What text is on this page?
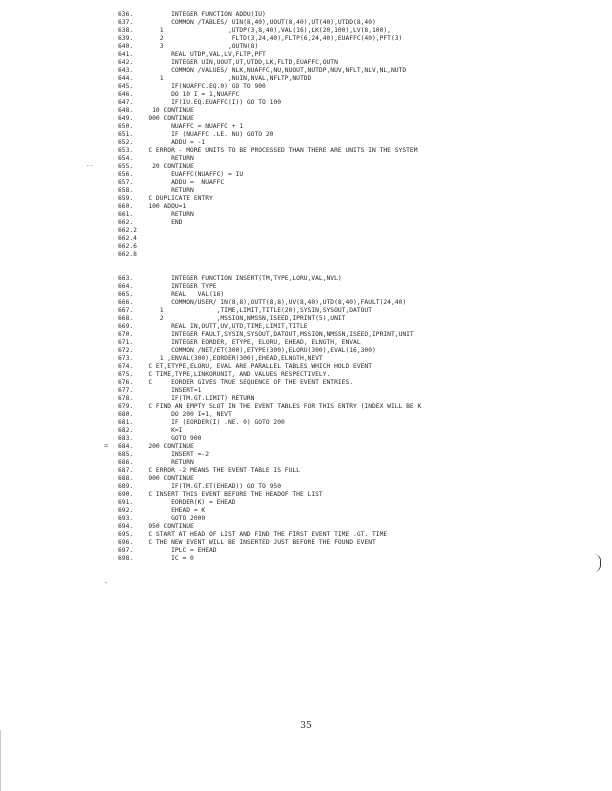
636.          INTEGER FUNCTION ADDU(IU)
637.          COMMON /TABLES/ UIN(8,40),UOUT(8,40),UT(40),UTDD(8,40)
638.       1                 ,UTDP(3,8,40),VAL(16),LK(20,100),LV(8,100),
639.       2                  FLTD(3,24,40),FLTP(6,24,40),EUAFFC(40),PFT(3)
640.       3                 ,OUTN(8)
641.          REAL UTDP,VAL,LV,FLTP,PFT
642.          INTEGER UIN,UOUT,UT,UTDD,LK,FLTD,EUAFFC,OUTN
643.          COMMON /VALUES/ NLK,NUAFFC,NU,NUOUT,NUTDP,NUV,NFLT,NLV,NL,NUTD
644.       1                 ,NUIN,NVAL,NFLTP,NUTDD
645.          IF(NUAFFC.EQ.0) GO TO 900
646.          DO 10 I = 1,NUAFFC
647.          IF(IU.EQ.EUAFFC(I)) GO TO 100
648.     10 CONTINUE
649.    900 CONTINUE
650.          NUAFFC = NUAFFC + 1
651.          IF (NUAFFC .LE. NU) GOTO 20
652.          ADDU = -1
653.    C ERROR - MORE UNITS TO BE PROCESSED THAN THERE ARE UNITS IN THE SYSTEM
654.          RETURN
655.     20 CONTINUE
656.          EUAFFC(NUAFFC) = IU
657.          ADDU =  NUAFFC
658.          RETURN
659.    C DUPLICATE ENTRY
660.    100 ADDU=1
661.          RETURN
662.          END
662.2
662.4
662.6
662.8
663.          INTEGER FUNCTION INSERT(TM,TYPE,LORU,VAL,NVL)
664.          INTEGER TYPE
665.          REAL   VAL(16)
666.          COMMON/USER/ IN(8,8),OUTT(8,8),UV(8,40),UTD(8,40),FAULT(24,40)
667.       1              ,TIME,LIMIT,TITLE(20),SYSIN,SYSOUT,DATOUT
668.       2              ,MSSION,NMSSN,ISEED,IPRINT(5),UNIT
669.          REAL IN,OUTT,UV,UTD,TIME,LIMIT,TITLE
670.          INTEGER FAULT,SYSIN,SYSOUT,DATOUT,MSSION,NMSSN,ISEED,IPRINT,UNIT
671.          INTEGER EORDER, ETYPE, ELORU, EHEAD, ELNGTH, ENVAL
672.          COMMON /NET/ET(300),ETYPE(300),ELORU(300),EVAL(16,300)
673.       1 ,ENVAL(300),EORDER(300),EHEAD,ELNGTH,NEVT
674.    C ET,ETYPE,ELORU, EVAL ARE PARALLEL TABLES WHICH HOLD EVENT
675.    C TIME,TYPE,LINKORUNIT, AND VALUES RESPECTIVELY.
676.    C     EORDER GIVES TRUE SEQUENCE OF THE EVENT ENTRIES.
677.          INSERT=1
678.          IF(TM.GT.LIMIT) RETURN
679.    C FIND AN EMPTY SLOT IN THE EVENT TABLES FOR THIS ENTRY (INDEX WILL BE K
680.          DO 200 I=1, NEVT
681.          IF (EORDER(I) .NE. 0) GOTO 200
682.          K=I
683.          GOTO 900
684.    200 CONTINUE
685.          INSERT =-2
686.          RETURN
687.    C ERROR -2 MEANS THE EVENT TABLE IS FULL
688.    900 CONTINUE
689.          IF(TM.GT.ET(EHEAD)) GO TO 950
690.    C INSERT THIS EVENT BEFORE THE HEADOF THE LIST
691.          EORDER(K) = EHEAD
692.          EHEAD = K
693.          GOTO 2000
694.    950 CONTINUE
695.    C START AT HEAD OF LIST AND FIND THE FIRST EVENT TIME .GT. TIME
696.    C THE NEW EVENT WILL BE INSERTED JUST BEFORE THE FOUND EVENT
697.          IPLC = EHEAD
698.          IC = 0
--
=
-
35
